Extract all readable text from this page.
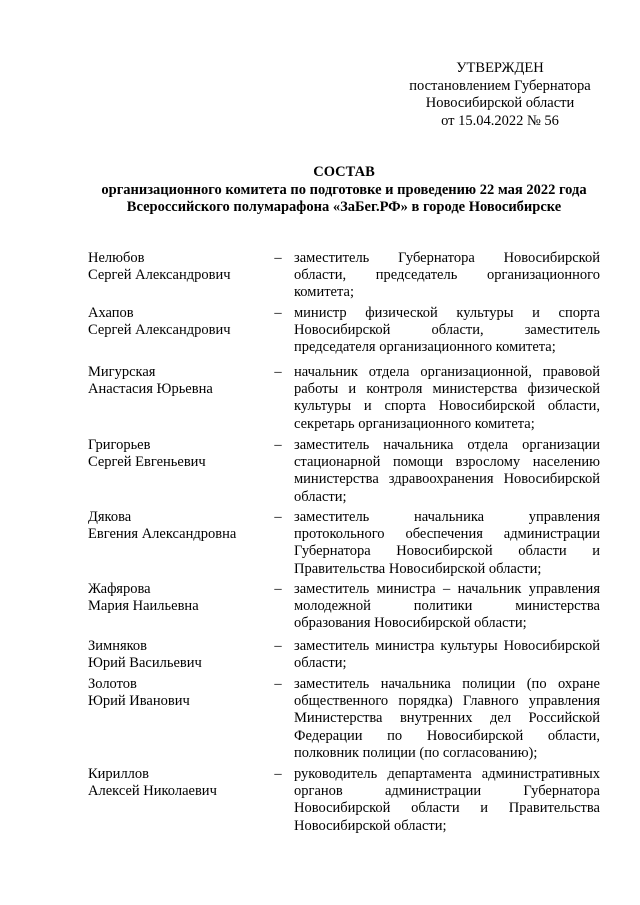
УТВЕРЖДЕН
постановлением Губернатора
Новосибирской области
от 15.04.2022 № 56
СОСТАВ
организационного комитета по подготовке и проведению 22 мая 2022 года
Всероссийского полумарафона «ЗаБег.РФ» в городе Новосибирске
Нелюбов
Сергей Александрович
– заместитель Губернатора Новосибирской области, председатель организационного комитета;
Ахапов
Сергей Александрович
– министр физической культуры и спорта Новосибирской области, заместитель председателя организационного комитета;
Мигурская
Анастасия Юрьевна
– начальник отдела организационной, правовой работы и контроля министерства физической культуры и спорта Новосибирской области, секретарь организационного комитета;
Григорьев
Сергей Евгеньевич
– заместитель начальника отдела организации стационарной помощи взрослому населению министерства здравоохранения Новосибирской области;
Дякова
Евгения Александровна
– заместитель начальника управления протокольного обеспечения администрации Губернатора Новосибирской области и Правительства Новосибирской области;
Жафярова
Мария Наильевна
– заместитель министра – начальник управления молодежной политики министерства образования Новосибирской области;
Зимняков
Юрий Васильевич
– заместитель министра культуры Новосибирской области;
Золотов
Юрий Иванович
– заместитель начальника полиции (по охране общественного порядка) Главного управления Министерства внутренних дел Российской Федерации по Новосибирской области, полковник полиции (по согласованию);
Кириллов
Алексей Николаевич
– руководитель департамента административных органов администрации Губернатора Новосибирской области и Правительства Новосибирской области;
